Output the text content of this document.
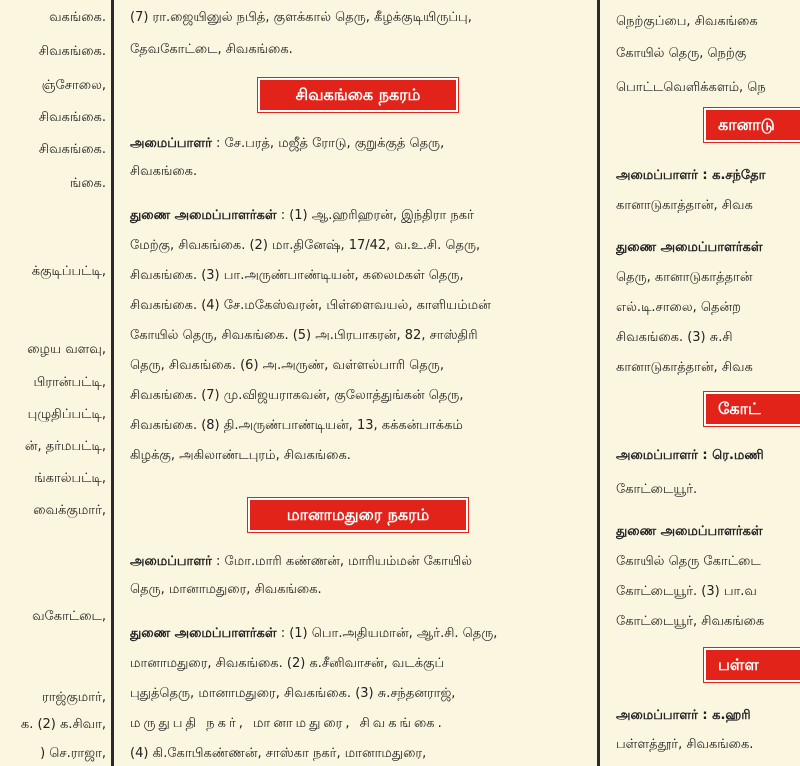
வகங்கை.
சிவகங்கை.
ஞ்சோலை,
சிவகங்கை.
சிவகங்கை.
ங்கை.
க்குடிப்பட்டி,
ழைய வளவு,
பிரான்பட்டி,
புழுதிப்பட்டி,
ன், தர்மபட்டி,
ங்கால்பட்டி,
வைக்குமார்,
வகோட்டை,
ராஜ்குமார்,
க. (2) க.சிவா,
) செ.ராஜா,
(7) ரா.ஜையினுல் நபித், குளக்கால் தெரு, கீழக்குடியிருப்பு,
தேவகோட்டை, சிவகங்கை.
சிவகங்கை நகரம்
அமைப்பாளர் : சே.பரத், மஜீத் ரோடு, குறுக்குத் தெரு,
சிவகங்கை.
துணை அமைப்பாளர்கள் : (1) ஆ.ஹரிஹரன், இந்திரா நகர்
மேற்கு, சிவகங்கை. (2) மா.தினேஷ், 17/42, வ.உ.சி. தெரு,
சிவகங்கை. (3) பா.அருண்பாண்டியன், கலைமகள் தெரு,
சிவகங்கை. (4) சே.மகேஸ்வரன், பிள்ளைவயல், காளியம்மன்
கோயில் தெரு, சிவகங்கை. (5) அ.பிரபாகரன், 82, சாஸ்திரி
தெரு, சிவகங்கை. (6) அ.அருண், வள்ளல்பாரி தெரு,
சிவகங்கை. (7) மு.விஜயராகவன், குலோத்துங்கன் தெரு,
சிவகங்கை. (8) தி.அருண்பாண்டியன், 13, கக்கன்பாக்கம்
கிழக்கு, அகிலாண்டபுரம், சிவகங்கை.
மானாமதுரை நகரம்
அமைப்பாளர் : மோ.மாரி கண்ணன், மாரியம்மன் கோயில்
தெரு, மானாமதுரை, சிவகங்கை.
துணை அமைப்பாளர்கள் : (1) பொ.அதியமான், ஆர்.சி. தெரு,
மானாமதுரை, சிவகங்கை. (2) க.சீனிவாசன், வடக்குப்
புதுத்தெரு, மானாமதுரை, சிவகங்கை. (3) சு.சந்தனராஜ்,
மருதுபதி நகர், மானாமதுரை, சிவகங்கை.
(4) கி.கோபிகண்ணன், சாஸ்கா நகர், மானாமதுரை,
நெற்குப்பை, சிவகங்கை
கோயில் தெரு, நெற்கு
பொட்டவெளிக்களம், நெ
அமைப்பாளர் : க.சந்தோ
கானாடுகாத்தான், சிவக
துணை அமைப்பாளர்கள்
தெரு, கானாடுகாத்தான்
எல்.டி.சாலை, தென்ற
சிவகங்கை. (3) சு.சி
கானாடுகாத்தான், சிவக
அமைப்பாளர் : ரெ.மணி
கோட்டையூர்.
துணை அமைப்பாளர்கள்
கோயில் தெரு கோட்டை
கோட்டையூர். (3) பா.வ
கோட்டையூர், சிவகங்கை
அமைப்பாளர் : க.ஹரி
பள்ளத்தூர், சிவகங்கை.
கானாடு
கோட்
பள்ள
